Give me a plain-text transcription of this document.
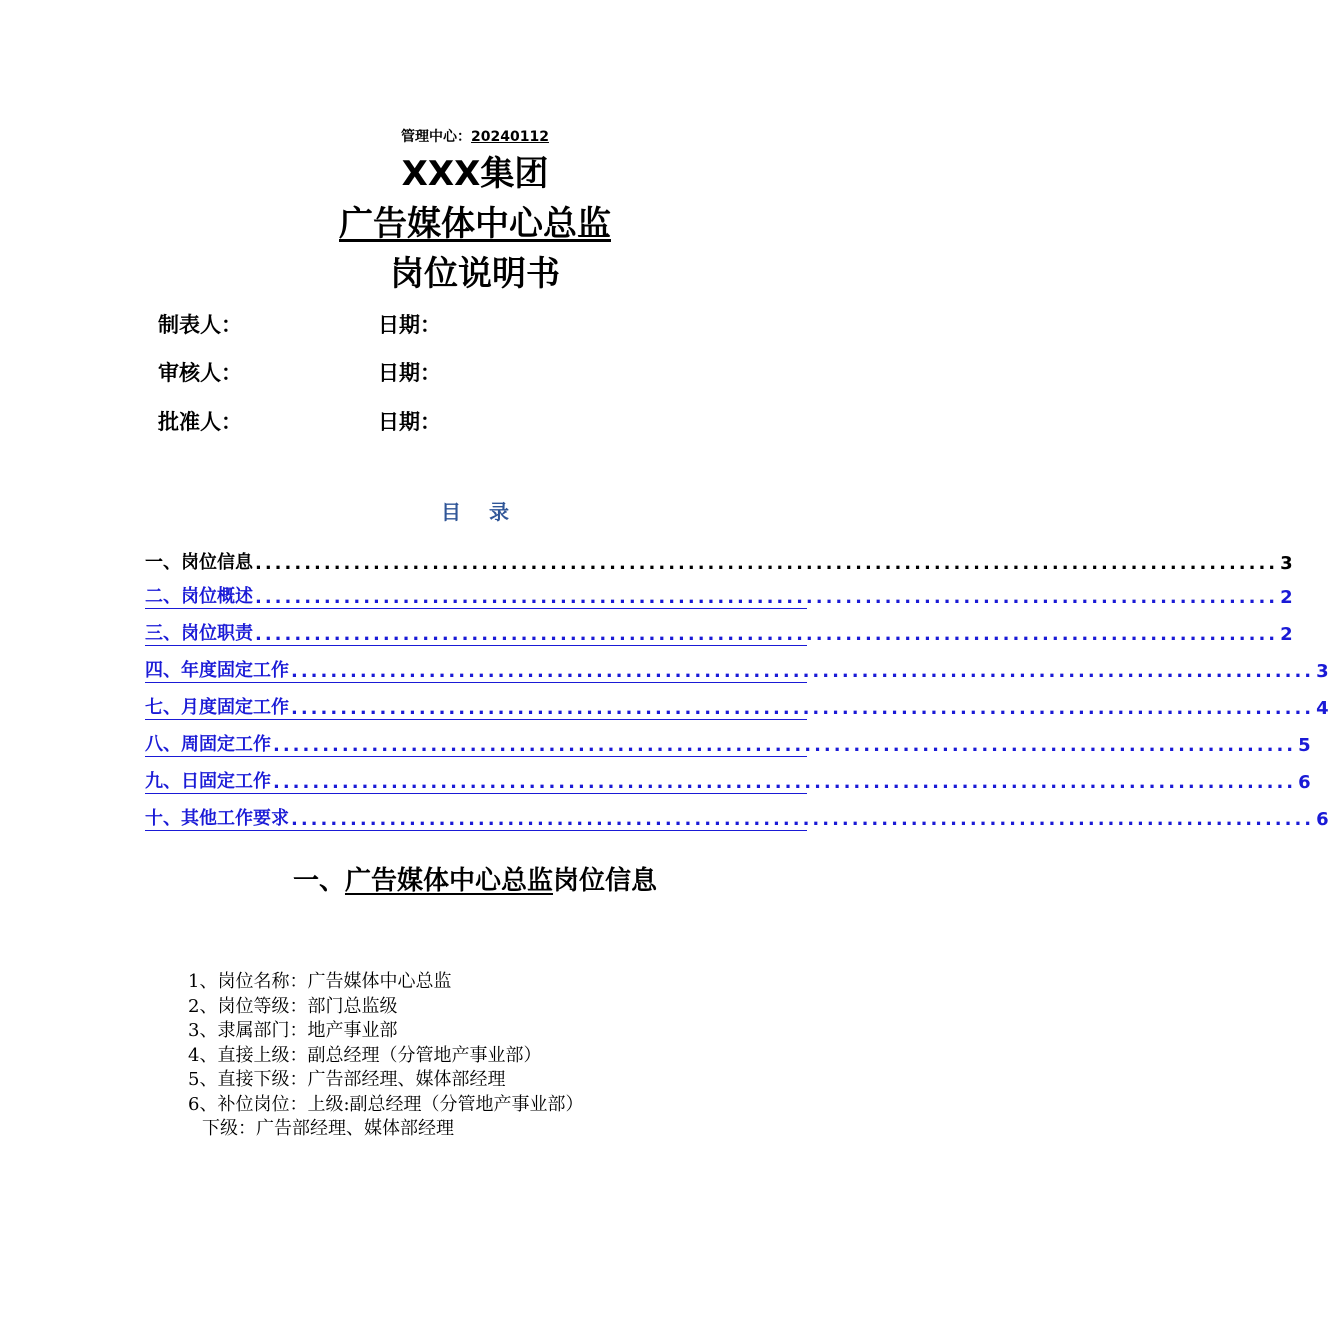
管理中心：20240112
XXX集团
广告媒体中心总监
岗位说明书
制表人：	日期：
审核人：	日期：
批准人：	日期：
目录
一、岗位信息 ........................................................................................................ 3
二、岗位概述 ........................................................................................................ 2
三、岗位职责 ........................................................................................................ 2
四、年度固定工作 ........................................................................................................ 3
七、月度固定工作 ........................................................................................................ 4
八、周固定工作 ........................................................................................................ 5
九、日固定工作 ........................................................................................................ 6
十、其他工作要求 ........................................................................................................ 6
一、广告媒体中心总监岗位信息
1、岗位名称：广告媒体中心总监
2、岗位等级：部门总监级
3、隶属部门：地产事业部
4、直接上级：副总经理（分管地产事业部）
5、直接下级：广告部经理、媒体部经理
6、补位岗位：上级:副总经理（分管地产事业部）
下级：广告部经理、媒体部经理
